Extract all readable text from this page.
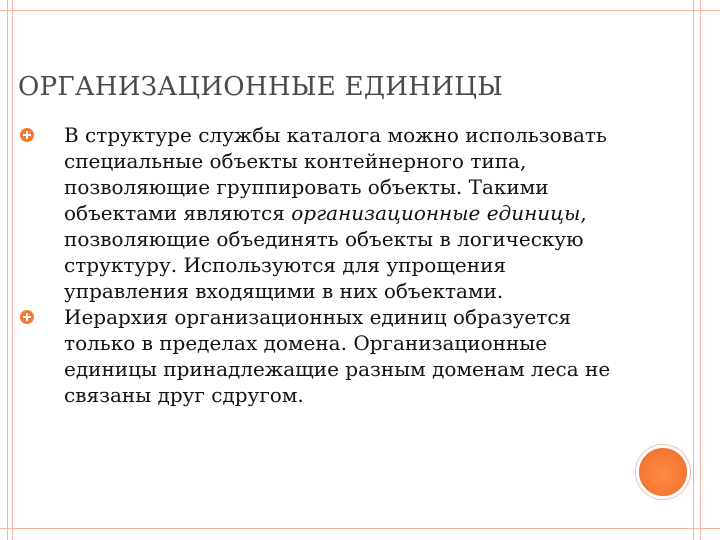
ОРГАНИЗАЦИОННЫЕ ЕДИНИЦЫ
В структуре службы каталога можно использовать специальные объекты контейнерного типа, позволяющие группировать объекты. Такими объектами являются организационные единицы, позволяющие объединять объекты в логическую структуру. Используются для упрощения управления входящими в них объектами.
Иерархия организационных единиц образуется только в пределах домена. Организационные единицы принадлежащие разным доменам леса не связаны друг сдругом.
